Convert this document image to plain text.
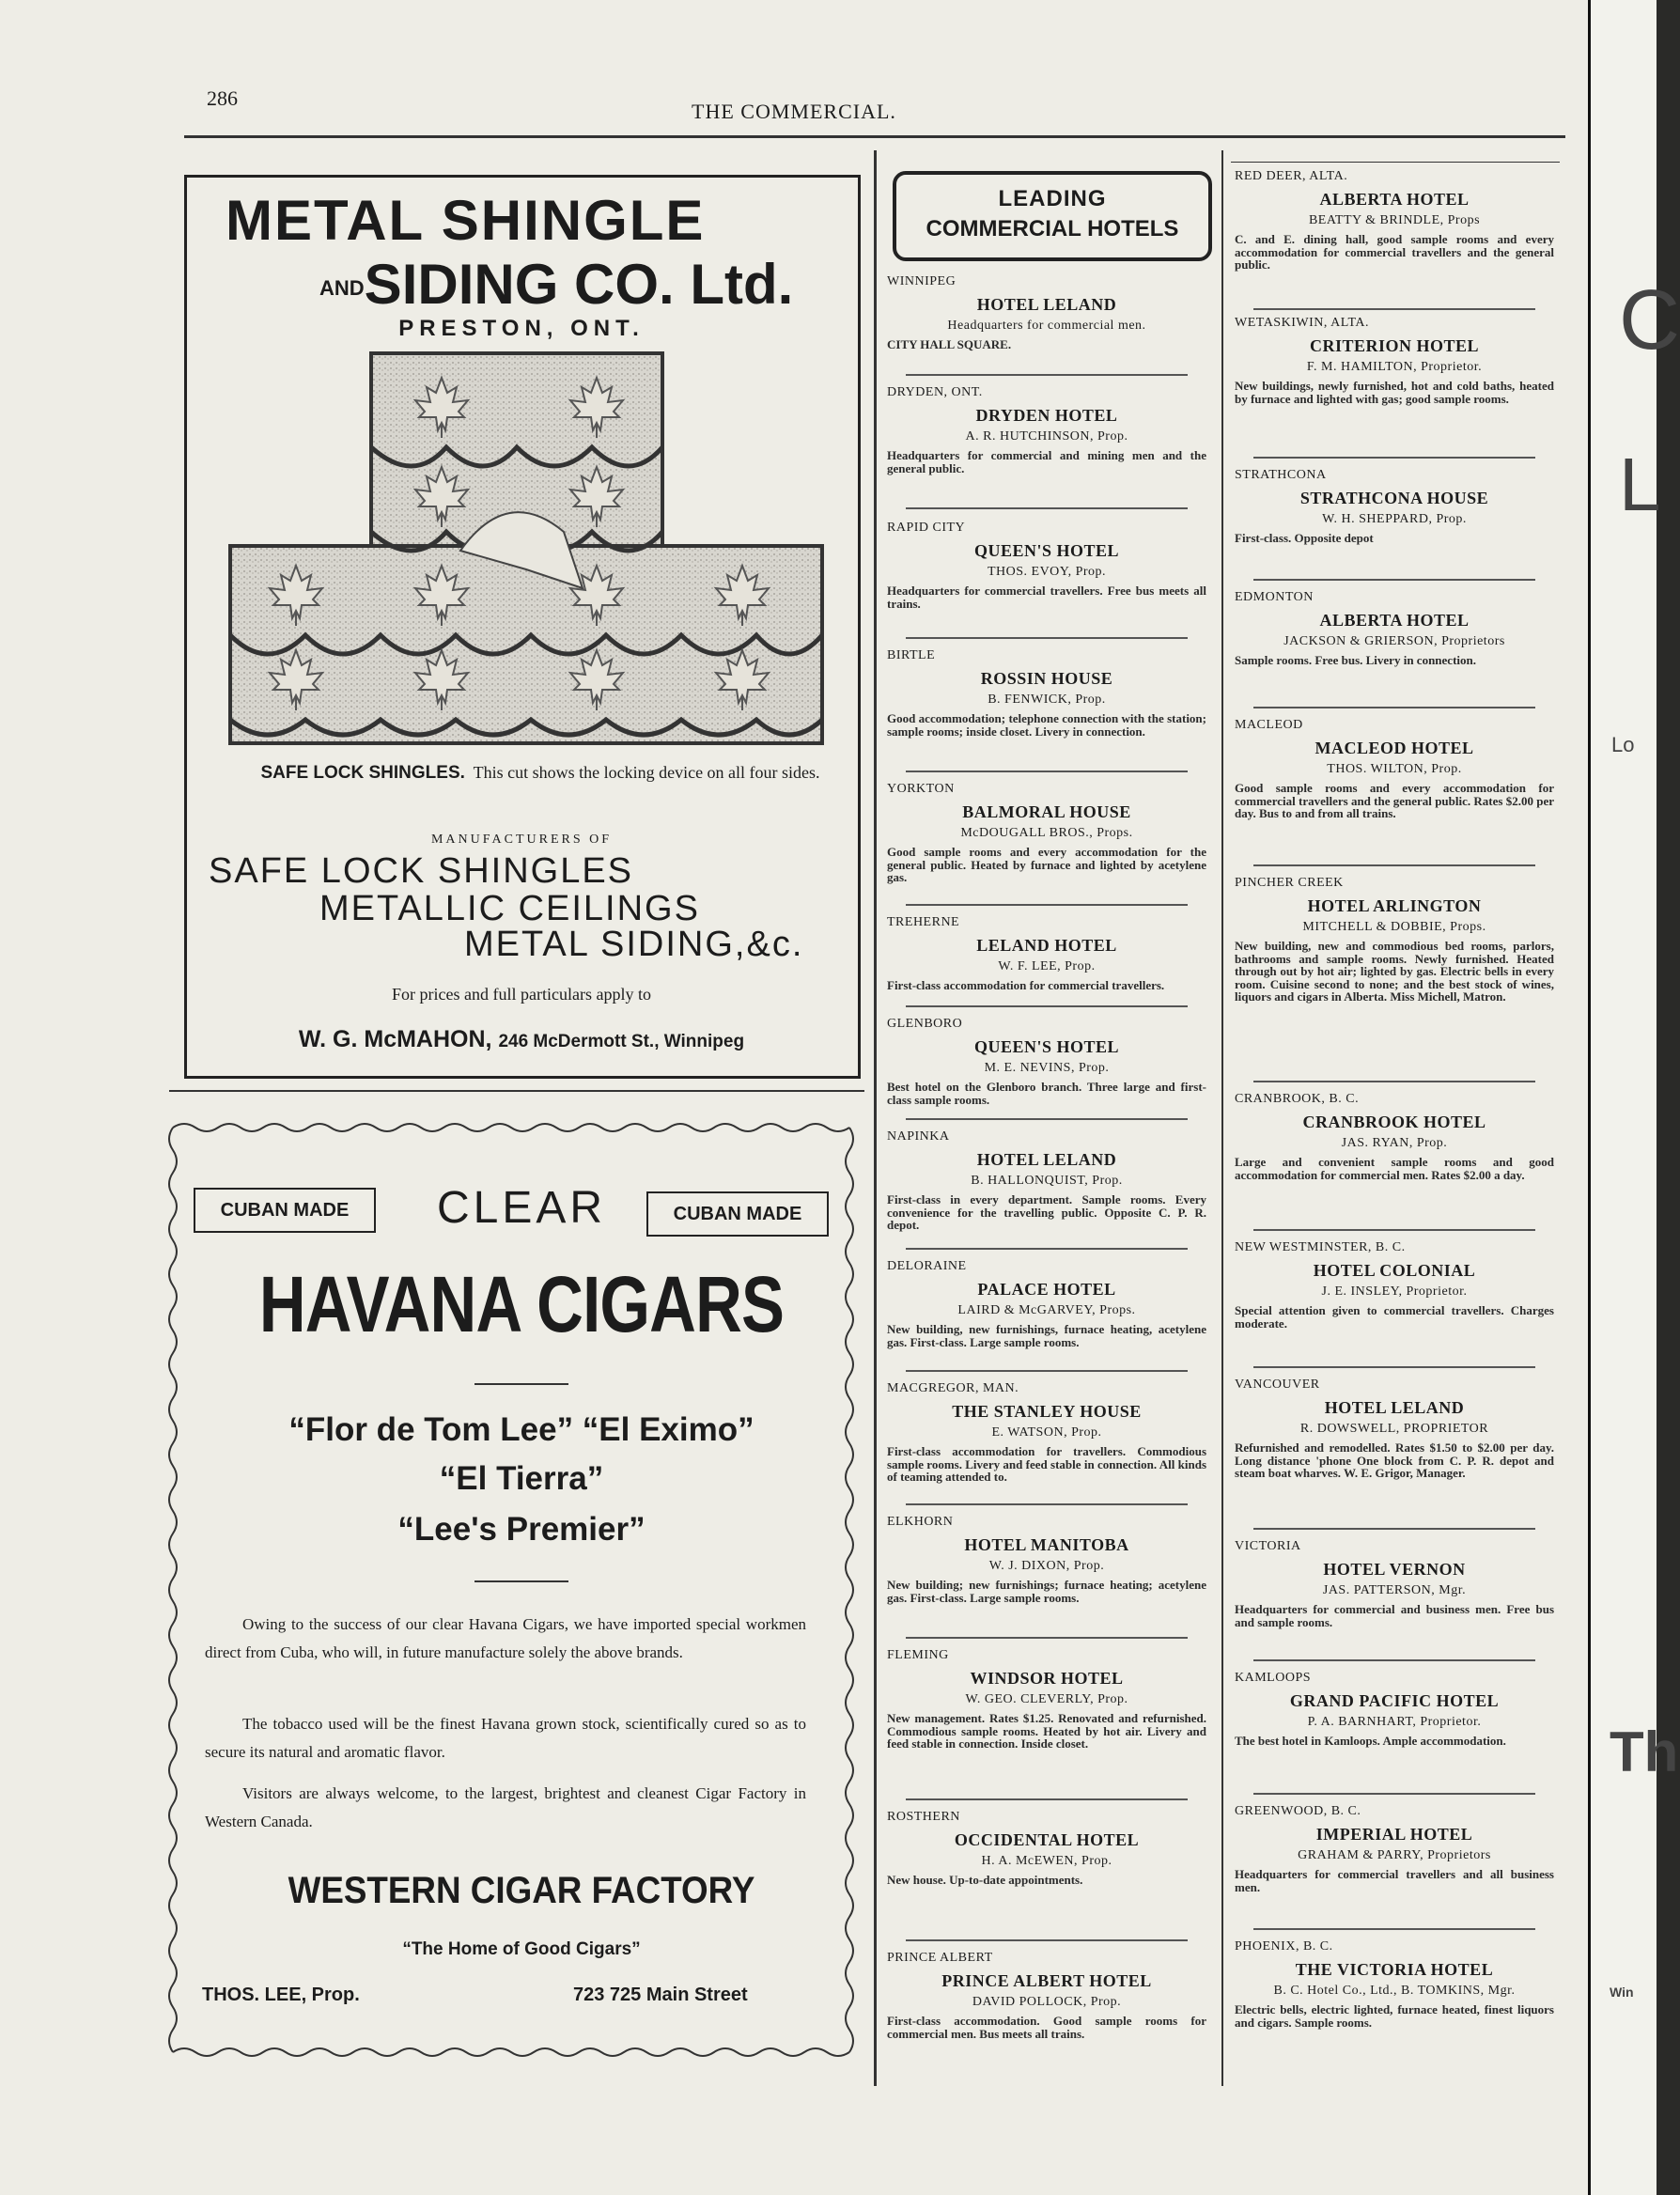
286
THE COMMERCIAL.
METAL SHINGLE
ANDSIDING CO. Ltd.
PRESTON, ONT.
SAFE LOCK SHINGLES. This cut shows the locking device on all four sides.
MANUFACTURERS OF
SAFE LOCK SHINGLES
METALLIC CEILINGS
METAL SIDING,&c.
For prices and full particulars apply to
W. G. McMAHON, 246 McDermott St., Winnipeg
CUBAN MADE	CUBAN MADE
CLEAR
HAVANA CIGARS
“Flor de Tom Lee” “El Eximo”
“El Tierra”
“Lee's Premier”
Owing to the success of our clear Havana Cigars, we have imported special workmen direct from Cuba, who will, in future manufacture solely the above brands.
The tobacco used will be the finest Havana grown stock, scientifically cured so as to secure its natural and aromatic flavor.
Visitors are always welcome, to the largest, brightest and cleanest Cigar Factory in Western Canada.
WESTERN CIGAR FACTORY
“The Home of Good Cigars”
THOS. LEE, Prop.	723 725 Main Street
LEADING
COMMERCIAL HOTELS
WINNIPEG
HOTEL LELAND
Headquarters for commercial men.
CITY HALL SQUARE.
DRYDEN, ONT.
DRYDEN HOTEL
A. R. HUTCHINSON, Prop.
Headquarters for commercial and mining men and the general public.
RAPID CITY
QUEEN'S HOTEL
THOS. EVOY, Prop.
Headquarters for commercial travellers. Free bus meets all trains.
BIRTLE
ROSSIN HOUSE
B. FENWICK, Prop.
Good accommodation; telephone connection with the station; sample rooms; inside closet. Livery in connection.
YORKTON
BALMORAL HOUSE
McDOUGALL BROS., Props.
Good sample rooms and every accommodation for the general public. Heated by furnace and lighted by acetylene gas.
TREHERNE
LELAND HOTEL
W. F. LEE, Prop.
First-class accommodation for commercial travellers.
GLENBORO
QUEEN'S HOTEL
M. E. NEVINS, Prop.
Best hotel on the Glenboro branch. Three large and first-class sample rooms.
NAPINKA
HOTEL LELAND
B. HALLONQUIST, Prop.
First-class in every department. Sample rooms. Every convenience for the travelling public. Opposite C. P. R. depot.
DELORAINE
PALACE HOTEL
LAIRD & McGARVEY, Props.
New building, new furnishings, furnace heating, acetylene gas. First-class. Large sample rooms.
MACGREGOR, MAN.
THE STANLEY HOUSE
E. WATSON, Prop.
First-class accommodation for travellers. Commodious sample rooms. Livery and feed stable in connection. All kinds of teaming attended to.
ELKHORN
HOTEL MANITOBA
W. J. DIXON, Prop.
New building; new furnishings; furnace heating; acetylene gas. First-class. Large sample rooms.
FLEMING
WINDSOR HOTEL
W. GEO. CLEVERLY, Prop.
New management. Rates $1.25. Renovated and refurnished. Commodious sample rooms. Heated by hot air. Livery and feed stable in connection. Inside closet.
ROSTHERN
OCCIDENTAL HOTEL
H. A. McEWEN, Prop.
New house. Up-to-date appointments.
PRINCE ALBERT
PRINCE ALBERT HOTEL
DAVID POLLOCK, Prop.
First-class accommodation. Good sample rooms for commercial men. Bus meets all trains.
RED DEER, ALTA.
ALBERTA HOTEL
BEATTY & BRINDLE, Props
C. and E. dining hall, good sample rooms and every accommodation for commercial travellers and the general public.
WETASKIWIN, ALTA.
CRITERION HOTEL
F. M. HAMILTON, Proprietor.
New buildings, newly furnished, hot and cold baths, heated by furnace and lighted with gas; good sample rooms.
STRATHCONA
STRATHCONA HOUSE
W. H. SHEPPARD, Prop.
First-class. Opposite depot
EDMONTON
ALBERTA HOTEL
JACKSON & GRIERSON, Proprietors
Sample rooms. Free bus. Livery in connection.
MACLEOD
MACLEOD HOTEL
THOS. WILTON, Prop.
Good sample rooms and every accommodation for commercial travellers and the general public. Rates $2.00 per day. Bus to and from all trains.
PINCHER CREEK
HOTEL ARLINGTON
MITCHELL & DOBBIE, Props.
New building, new and commodious bed rooms, parlors, bathrooms and sample rooms. Newly furnished. Heated through out by hot air; lighted by gas. Electric bells in every room. Cuisine second to none; and the best stock of wines, liquors and cigars in Alberta. Miss Michell, Matron.
CRANBROOK, B. C.
CRANBROOK HOTEL
JAS. RYAN, Prop.
Large and convenient sample rooms and good accommodation for commercial men. Rates $2.00 a day.
NEW WESTMINSTER, B. C.
HOTEL COLONIAL
J. E. INSLEY, Proprietor.
Special attention given to commercial travellers. Charges moderate.
VANCOUVER
HOTEL LELAND
R. DOWSWELL, PROPRIETOR
Refurnished and remodelled. Rates $1.50 to $2.00 per day. Long distance 'phone One block from C. P. R. depot and steam boat wharves. W. E. Grigor, Manager.
VICTORIA
HOTEL VERNON
JAS. PATTERSON, Mgr.
Headquarters for commercial and business men. Free bus and sample rooms.
KAMLOOPS
GRAND PACIFIC HOTEL
P. A. BARNHART, Proprietor.
The best hotel in Kamloops. Ample accommodation.
GREENWOOD, B. C.
IMPERIAL HOTEL
GRAHAM & PARRY, Proprietors
Headquarters for commercial travellers and all business men.
PHOENIX, B. C.
THE VICTORIA HOTEL
B. C. Hotel Co., Ltd., B. TOMKINS, Mgr.
Electric bells, electric lighted, furnace heated, finest liquors and cigars. Sample rooms.
C
L
Lo
Th
Win
